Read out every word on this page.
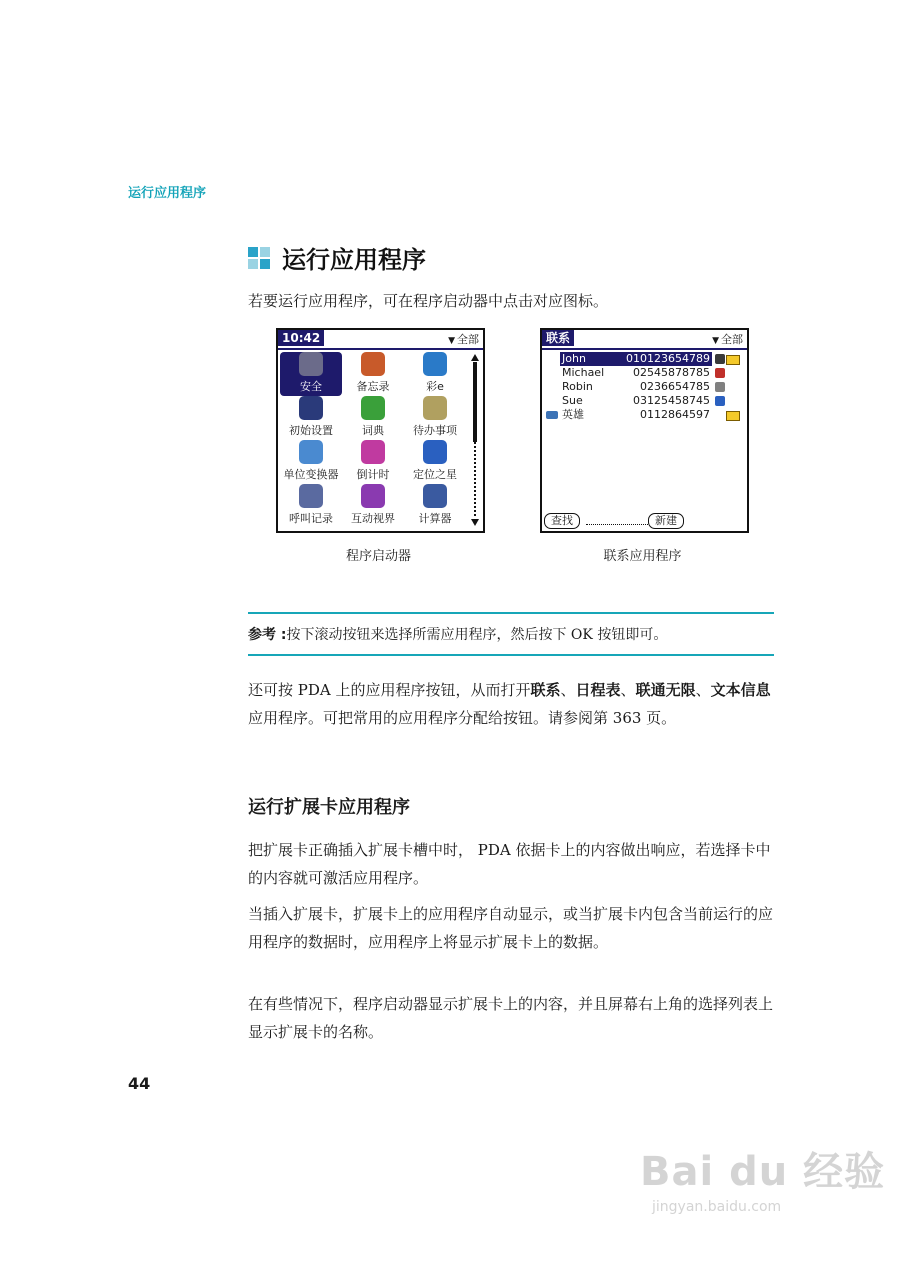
运行应用程序
运行应用程序
若要运行应用程序，可在程序启动器中点击对应图标。
10:42	▼ 全部
安全	备忘录	彩e
初始设置	词典	待办事项
单位变换器 倒计时 定位之星
呼叫记录 互动视界 计算器
联系	▼ 全部
John	010123654789
Michael	02545878785
Robin	0236654785
Sue	03125458745
英雄	0112864597
查找	新建
程序启动器	联系应用程序
参考 :按下滚动按钮来选择所需应用程序，然后按下 OK 按钮即可。
还可按 PDA 上的应用程序按钮，从而打开联系、日程表、联通无限、文本信息应用程序。可把常用的应用程序分配给按钮。请参阅第 363 页。
运行扩展卡应用程序
把扩展卡正确插入扩展卡槽中时， PDA 依据卡上的内容做出响应，若选择卡中的内容就可激活应用程序。
当插入扩展卡，扩展卡上的应用程序自动显示，或当扩展卡内包含当前运行的应用程序的数据时，应用程序上将显示扩展卡上的数据。
在有些情况下，程序启动器显示扩展卡上的内容，并且屏幕右上角的选择列表上显示扩展卡的名称。
44
Bai du 经验
jingyan.baidu.com
